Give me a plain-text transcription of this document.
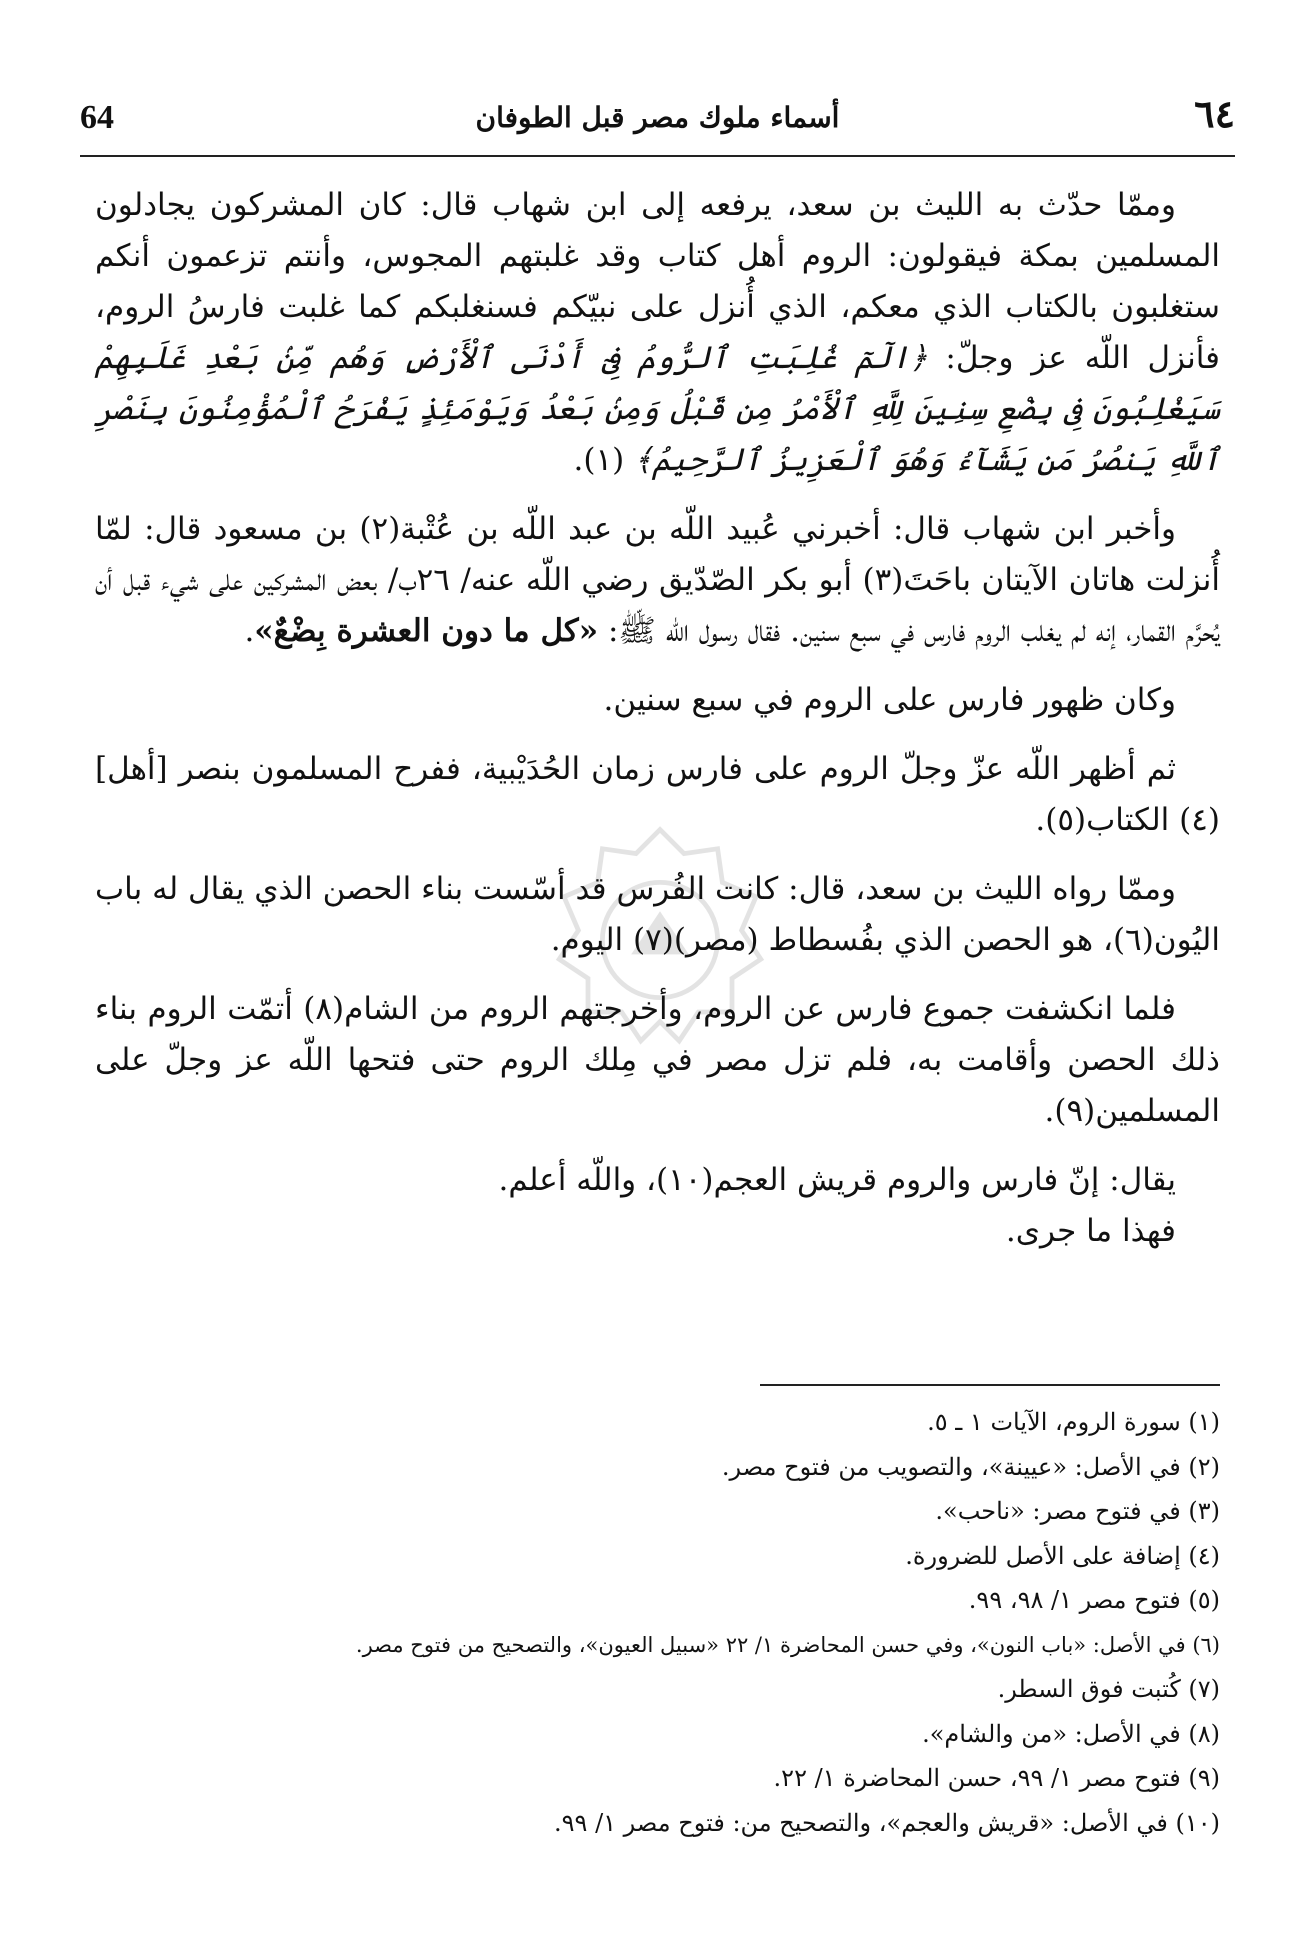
64	أسماء ملوك مصر قبل الطوفان	٦٤

وممّا حدّث به الليث بن سعد، يرفعه إلى ابن شهاب قال: كان المشركون يجادلون المسلمين بمكة فيقولون: الروم أهل كتاب وقد غلبتهم المجوس، وأنتم تزعمون أنكم ستغلبون بالكتاب الذي معكم، الذي أُنزل على نبيّكم فسنغلبكم كما غلبت فارسُ الروم، فأنزل اللّه عز وجلّ: ﴿الٓمٓ غُلِبَتِ ٱلرُّومُ فِىٓ أَدْنَى ٱلْأَرْضِ وَهُم مِّنۢ بَعْدِ غَلَبِهِمْ سَيَغْلِبُونَ فِى بِضْعِ سِنِينَ لِلَّهِ ٱلْأَمْرُ مِن قَبْلُ وَمِنۢ بَعْدُ وَيَوْمَئِذٍ يَفْرَحُ ٱلْمُؤْمِنُونَ بِنَصْرِ ٱللَّهِ يَنصُرُ مَن يَشَآءُ وَهُوَ ٱلْعَزِيزُ ٱلرَّحِيمُ﴾ (١).

وأخبر ابن شهاب قال: أخبرني عُبيد اللّه بن عبد اللّه بن عُتْبة(٢) بن مسعود قال: لمّا أُنزلت هاتان الآيتان باحَتَ(٣) أبو بكر الصّدّيق رضي اللّه عنه/ ٢٦ب/ بعض المشركين على شيء قبل أن يُحرَّم القمار، إنه لم يغلب الروم فارس في سبع سنين. فقال رسول اللّه ﷺ: «كل ما دون العشرة بِضْعٌ».

وكان ظهور فارس على الروم في سبع سنين.

ثم أظهر اللّه عزّ وجلّ الروم على فارس زمان الحُدَيْبية، ففرح المسلمون بنصر [أهل](٤) الكتاب(٥).

وممّا رواه الليث بن سعد، قال: كانت الفُرس قد أسّست بناء الحصن الذي يقال له باب اليُون(٦)، هو الحصن الذي بفُسطاط (مصر)(٧) اليوم.

فلما انكشفت جموع فارس عن الروم، وأخرجتهم الروم من الشام(٨) أتمّت الروم بناء ذلك الحصن وأقامت به، فلم تزل مصر في مِلك الروم حتى فتحها اللّه عز وجلّ على المسلمين(٩).

يقال: إنّ فارس والروم قريش العجم(١٠)، واللّه أعلم.

فهذا ما جرى.

(١) سورة الروم، الآيات ١ ـ ٥.
(٢) في الأصل: «عيينة»، والتصويب من فتوح مصر.
(٣) في فتوح مصر: «ناحب».
(٤) إضافة على الأصل للضرورة.
(٥) فتوح مصر ١/ ٩٨، ٩٩.
(٦) في الأصل: «باب النون»، وفي حسن المحاضرة ١/ ٢٢ «سبيل العيون»، والتصحيح من فتوح مصر.
(٧) كُتبت فوق السطر.
(٨) في الأصل: «من والشام».
(٩) فتوح مصر ١/ ٩٩، حسن المحاضرة ١/ ٢٢.
(١٠) في الأصل: «قريش والعجم»، والتصحيح من: فتوح مصر ١/ ٩٩.
